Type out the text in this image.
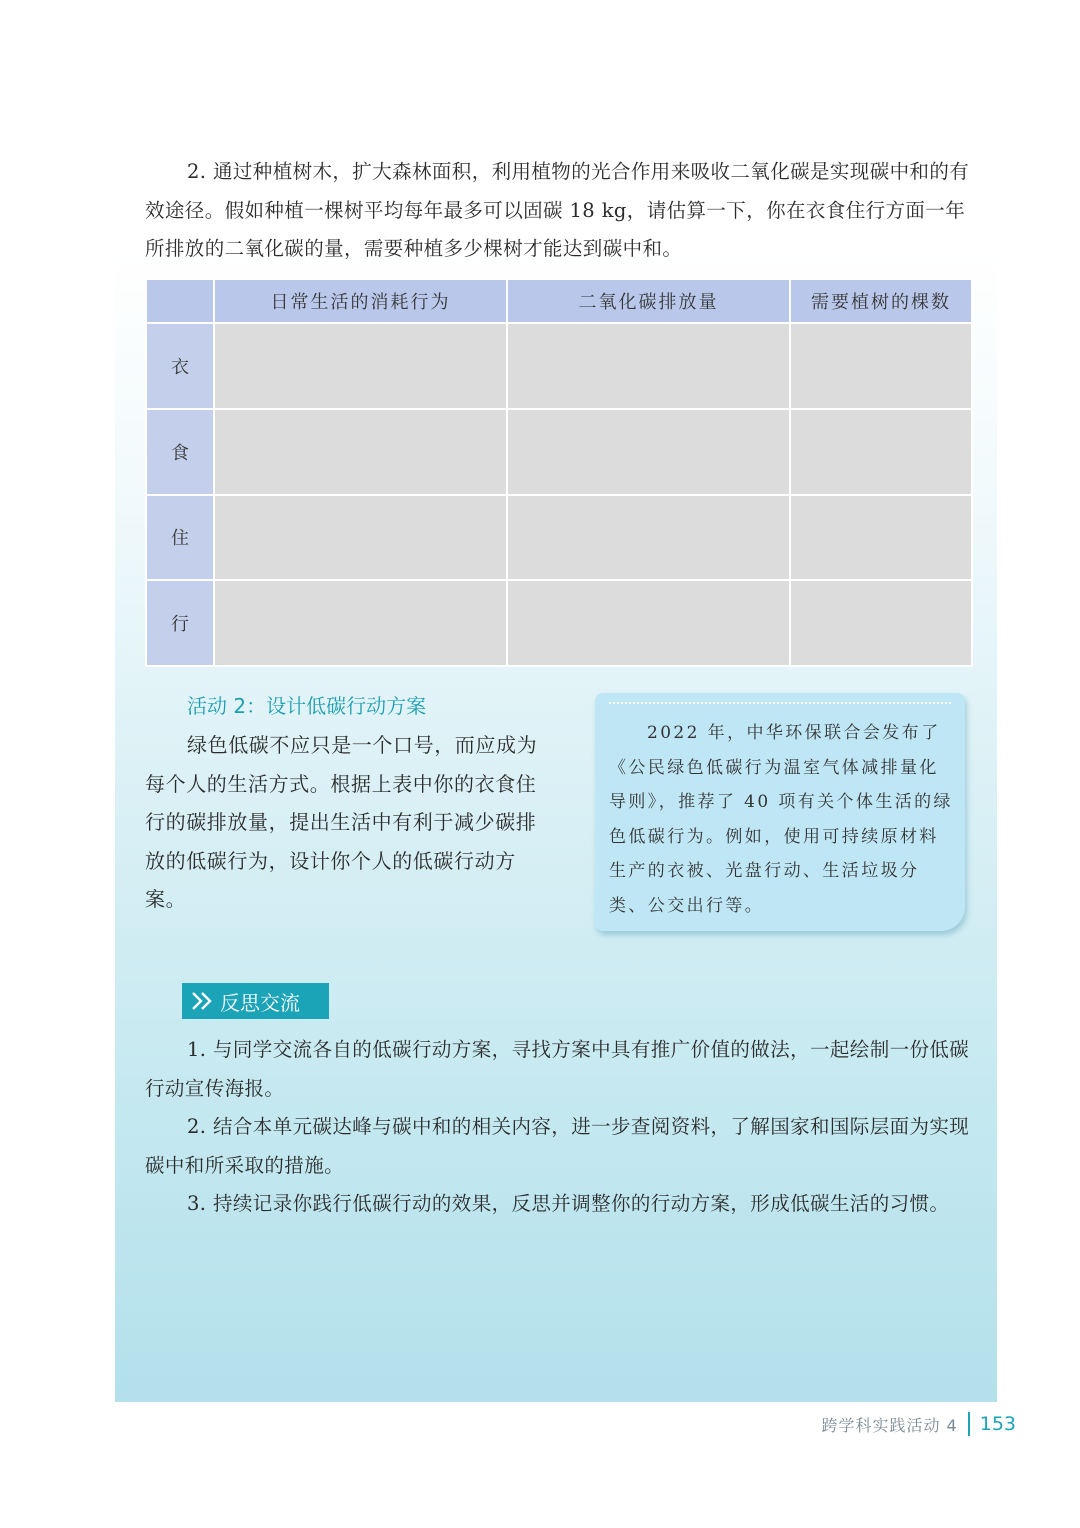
2. 通过种植树木，扩大森林面积，利用植物的光合作用来吸收二氧化碳是实现碳中和的有效途径。假如种植一棵树平均每年最多可以固碳 18 kg，请估算一下，你在衣食住行方面一年所排放的二氧化碳的量，需要种植多少棵树才能达到碳中和。
	日常生活的消耗行为	二氧化碳排放量	需要植树的棵数
衣			
食			
住			
行			
活动 2：设计低碳行动方案
绿色低碳不应只是一个口号，而应成为每个人的生活方式。根据上表中你的衣食住行的碳排放量，提出生活中有利于减少碳排放的低碳行为，设计你个人的低碳行动方案。
2022 年，中华环保联合会发布了《公民绿色低碳行为温室气体减排量化导则》，推荐了 40 项有关个体生活的绿色低碳行为。例如，使用可持续原材料生产的衣被、光盘行动、生活垃圾分类、公交出行等。
反思交流

1. 与同学交流各自的低碳行动方案，寻找方案中具有推广价值的做法，一起绘制一份低碳行动宣传海报。

2. 结合本单元碳达峰与碳中和的相关内容，进一步查阅资料，了解国家和国际层面为实现碳中和所采取的措施。

3. 持续记录你践行低碳行动的效果，反思并调整你的行动方案，形成低碳生活的习惯。

跨学科实践活动 4 153
